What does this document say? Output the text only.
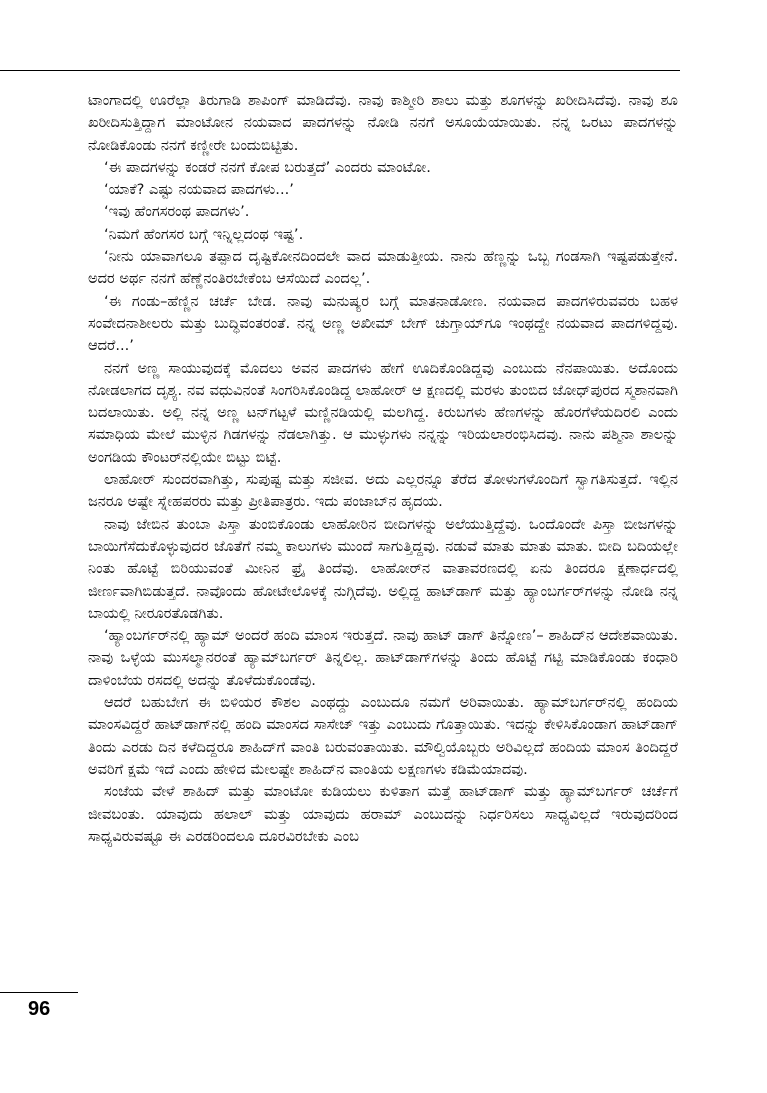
ಟಾಂಗಾದಲ್ಲಿ ಊರೆಲ್ಲಾ ತಿರುಗಾಡಿ ಶಾಪಿಂಗ್ ಮಾಡಿದೆವು. ನಾವು ಕಾಶ್ಮೀರಿ ಶಾಲು ಮತ್ತು ಶೂಗಳನ್ನು ಖರೀದಿಸಿದೆವು. ನಾವು ಶೂ ಖರೀದಿಸುತ್ತಿದ್ದಾಗ ಮಾಂಟೋನ ನಯವಾದ ಪಾದಗಳನ್ನು ನೋಡಿ ನನಗೆ ಅಸೂಯೆಯಾಯಿತು. ನನ್ನ ಒರಟು ಪಾದಗಳನ್ನು ನೋಡಿಕೊಂಡು ನನಗೆ ಕಣ್ಣೀರೇ ಬಂದುಬಿಟ್ಟಿತು.

‘ಈ ಪಾದಗಳನ್ನು ಕಂಡರೆ ನನಗೆ ಕೋಪ ಬರುತ್ತದೆ’ ಎಂದರು ಮಾಂಟೋ.

‘ಯಾಕೆ? ಎಷ್ಟು ನಯವಾದ ಪಾದಗಳು...’

‘ಇವು ಹೆಂಗಸರಂಥ ಪಾದಗಳು’.

‘ನಿಮಗೆ ಹೆಂಗಸರ ಬಗ್ಗೆ ಇನ್ನಿಲ್ಲದಂಥ ಇಷ್ಟ’.

‘ನೀನು ಯಾವಾಗಲೂ ತಪ್ಪಾದ ದೃಷ್ಟಿಕೋನದಿಂದಲೇ ವಾದ ಮಾಡುತ್ತೀಯ. ನಾನು ಹೆಣ್ಣನ್ನು ಒಬ್ಬ ಗಂಡಸಾಗಿ ಇಷ್ಟಪಡುತ್ತೇನೆ. ಅದರ ಅರ್ಥ ನನಗೆ ಹೆಣ್ಣೆನಂತಿರಬೇಕೆಂಬ ಆಸೆಯಿದೆ ಎಂದಲ್ಲ’.

‘ಈ ಗಂಡು–ಹೆಣ್ಣಿನ ಚರ್ಚೆ ಬೇಡ. ನಾವು ಮನುಷ್ಯರ ಬಗ್ಗೆ ಮಾತನಾಡೋಣ. ನಯವಾದ ಪಾದಗಳಿರುವವರು ಬಹಳ ಸಂವೇದನಾಶೀಲರು ಮತ್ತು ಬುದ್ಧಿವಂತರಂತೆ. ನನ್ನ ಅಣ್ಣ ಅಖೀಮ್ ಬೇಗ್ ಚುಗ್ತಾಯ್‌ಗೂ ಇಂಥದ್ದೇ ನಯವಾದ ಪಾದಗಳಿದ್ದವು. ಆದರೆ...’

ನನಗೆ ಅಣ್ಣ ಸಾಯುವುದಕ್ಕೆ ಮೊದಲು ಅವನ ಪಾದಗಳು ಹೇಗೆ ಊದಿಕೊಂಡಿದ್ದವು ಎಂಬುದು ನೆನಪಾಯಿತು. ಅದೊಂದು ನೋಡಲಾಗದ ದೃಶ್ಯ. ನವ ವಧುವಿನಂತೆ ಸಿಂಗರಿಸಿಕೊಂಡಿದ್ದ ಲಾಹೋರ್ ಆ ಕ್ಷಣದಲ್ಲಿ ಮರಳು ತುಂಬಿದ ಜೋಧ್‌ಪುರದ ಸ್ಮಶಾನವಾಗಿ ಬದಲಾಯಿತು. ಅಲ್ಲಿ ನನ್ನ ಅಣ್ಣ ಟನ್‌ಗಟ್ಟಳೆ ಮಣ್ಣಿನಡಿಯಲ್ಲಿ ಮಲಗಿದ್ದ. ಕಿರುಬಗಳು ಹೆಣಗಳನ್ನು ಹೊರಗೆಳೆಯದಿರಲಿ ಎಂದು ಸಮಾಧಿಯ ಮೇಲೆ ಮುಳ್ಳಿನ ಗಿಡಗಳನ್ನು ನೆಡಲಾಗಿತ್ತು. ಆ ಮುಳ್ಳುಗಳು ನನ್ನನ್ನು ಇರಿಯಲಾರಂಭಿಸಿದವು. ನಾನು ಪಶ್ಮಿನಾ ಶಾಲನ್ನು ಅಂಗಡಿಯ ಕೌಂಟರ್‌ನಲ್ಲಿಯೇ ಬಿಟ್ಟು ಬಿಟ್ಟೆ.

ಲಾಹೋರ್ ಸುಂದರವಾಗಿತ್ತು, ಸುಪುಷ್ಟ ಮತ್ತು ಸಜೀವ. ಅದು ಎಲ್ಲರನ್ನೂ ತೆರೆದ ತೋಳುಗಳೊಂದಿಗೆ ಸ್ವಾಗತಿಸುತ್ತದೆ. ಇಲ್ಲಿನ ಜನರೂ ಅಷ್ಟೇ ಸ್ನೇಹಪರರು ಮತ್ತು ಪ್ರೀತಿಪಾತ್ರರು. ಇದು ಪಂಜಾಬ್‌ನ ಹೃದಯ.

ನಾವು ಜೇಬಿನ ತುಂಬಾ ಪಿಸ್ತಾ ತುಂಬಿಕೊಂಡು ಲಾಹೋರಿನ ಬೀದಿಗಳನ್ನು ಅಲೆಯುತ್ತಿದ್ದೆವು. ಒಂದೊಂದೇ ಪಿಸ್ತಾ ಬೀಜಗಳನ್ನು ಬಾಯಿಗೆಸೆದುಕೊಳ್ಳುವುದರ ಜೊತೆಗೆ ನಮ್ಮ ಕಾಲುಗಳು ಮುಂದೆ ಸಾಗುತ್ತಿದ್ದವು. ನಡುವೆ ಮಾತು ಮಾತು ಮಾತು. ಬೀದಿ ಬದಿಯಲ್ಲೇ ನಿಂತು ಹೊಟ್ಟೆ ಬಿರಿಯುವಂತೆ ಮೀನಿನ ಫ್ರೈ ತಿಂದೆವು. ಲಾಹೋರ್‌ನ ವಾತಾವರಣದಲ್ಲಿ ಏನು ತಿಂದರೂ ಕ್ಷಣಾರ್ಧದಲ್ಲಿ ಜೀರ್ಣವಾಗಿಬಿಡುತ್ತದೆ. ನಾವೊಂದು ಹೋಟೇಲೊಳಕ್ಕೆ ನುಗ್ಗಿದೆವು. ಅಲ್ಲಿದ್ದ ಹಾಟ್‌ಡಾಗ್ ಮತ್ತು ಹ್ಯಾಂಬರ್ಗರ್‌ಗಳನ್ನು ನೋಡಿ ನನ್ನ ಬಾಯಲ್ಲಿ ನೀರೂರತೊಡಗಿತು.

‘ಹ್ಯಾಂಬರ್ಗರ್‌ನಲ್ಲಿ ಹ್ಯಾಮ್ ಅಂದರೆ ಹಂದಿ ಮಾಂಸ ಇರುತ್ತದೆ. ನಾವು ಹಾಟ್ ಡಾಗ್ ತಿನ್ನೋಣ’– ಶಾಹಿದ್‌ನ ಆದೇಶವಾಯಿತು. ನಾವು ಒಳ್ಳೆಯ ಮುಸಲ್ಮಾನರಂತೆ ಹ್ಯಾಮ್‌ಬರ್ಗರ್ ತಿನ್ನಲಿಲ್ಲ. ಹಾಟ್‌ಡಾಗ್‌ಗಳನ್ನು ತಿಂದು ಹೊಟ್ಟೆ ಗಟ್ಟಿ ಮಾಡಿಕೊಂಡು ಕಂಧಾರಿ ದಾಳಿಂಬೆಯ ರಸದಲ್ಲಿ ಅದನ್ನು ತೊಳೆದುಕೊಂಡೆವು.

ಆದರೆ ಬಹುಬೇಗ ಈ ಬಿಳಿಯರ ಕೌಶಲ ಎಂಥದ್ದು ಎಂಬುದೂ ನಮಗೆ ಅರಿವಾಯಿತು. ಹ್ಯಾಮ್‌ಬರ್ಗರ್‌ನಲ್ಲಿ ಹಂದಿಯ ಮಾಂಸವಿದ್ದರೆ ಹಾಟ್‌ಡಾಗ್‌ನಲ್ಲಿ ಹಂದಿ ಮಾಂಸದ ಸಾಸೇಜ್ ಇತ್ತು ಎಂಬುದು ಗೊತ್ತಾಯಿತು. ಇದನ್ನು ಕೇಳಿಸಿಕೊಂಡಾಗ ಹಾಟ್‌ಡಾಗ್ ತಿಂದು ಎರಡು ದಿನ ಕಳೆದಿದ್ದರೂ ಶಾಹಿದ್‌ಗೆ ವಾಂತಿ ಬರುವಂತಾಯಿತು. ಮೌಲ್ವಿಯೊಬ್ಬರು ಅರಿವಿಲ್ಲದೆ ಹಂದಿಯ ಮಾಂಸ ತಿಂದಿದ್ದರೆ ಅವರಿಗೆ ಕ್ಷಮೆ ಇದೆ ಎಂದು ಹೇಳಿದ ಮೇಲಷ್ಟೇ ಶಾಹಿದ್‌ನ ವಾಂತಿಯ ಲಕ್ಷಣಗಳು ಕಡಿಮೆಯಾದವು.

ಸಂಜೆಯ ವೇಳೆ ಶಾಹಿದ್ ಮತ್ತು ಮಾಂಟೋ ಕುಡಿಯಲು ಕುಳಿತಾಗ ಮತ್ತೆ ಹಾಟ್‌ಡಾಗ್ ಮತ್ತು ಹ್ಯಾಮ್‌ಬರ್ಗರ್ ಚರ್ಚೆಗೆ ಜೀವಬಂತು. ಯಾವುದು ಹಲಾಲ್ ಮತ್ತು ಯಾವುದು ಹರಾಮ್ ಎಂಬುದನ್ನು ನಿರ್ಧರಿಸಲು ಸಾಧ್ಯವಿಲ್ಲದೆ ಇರುವುದರಿಂದ ಸಾಧ್ಯವಿರುವಷ್ಟೂ ಈ ಎರಡರಿಂದಲೂ ದೂರವಿರಬೇಕು ಎಂಬ

96
